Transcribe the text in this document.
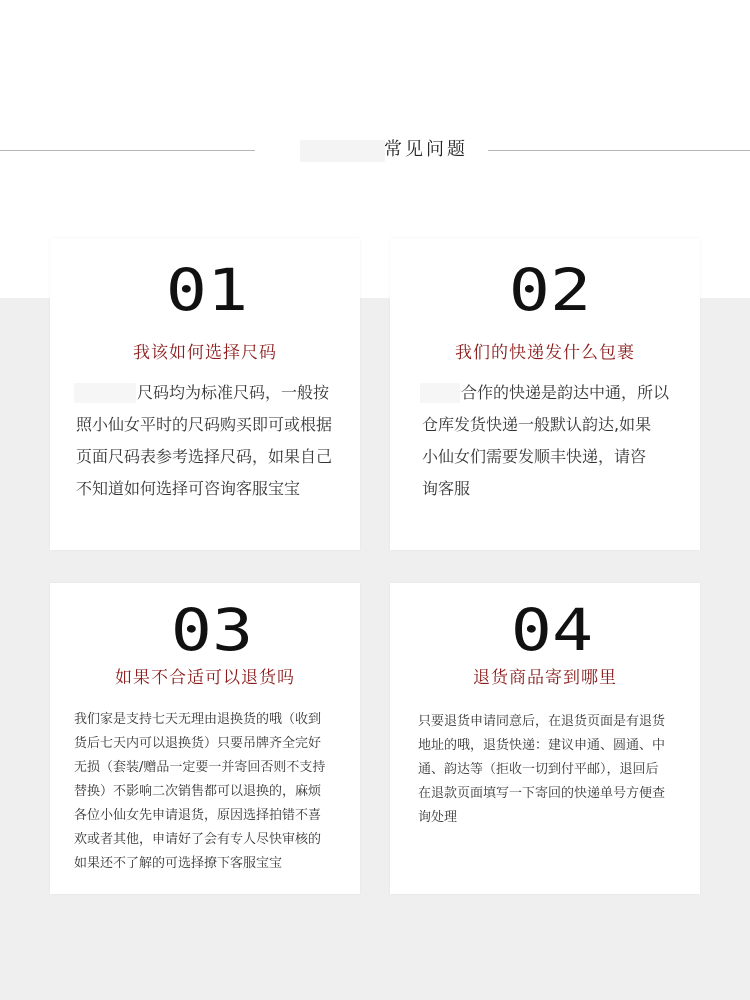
常见问题
01
我该如何选择尺码
尺码均为标准尺码，一般按
照小仙女平时的尺码购买即可或根据
页面尺码表参考选择尺码，如果自己
不知道如何选择可咨询客服宝宝
02
我们的快递发什么包裹
合作的快递是韵达中通，所以
仓库发货快递一般默认韵达,如果
小仙女们需要发顺丰快递，请咨
询客服
03
如果不合适可以退货吗
我们家是支持七天无理由退换货的哦（收到
货后七天内可以退换货）只要吊牌齐全完好
无损（套装/赠品一定要一并寄回否则不支持
替换）不影响二次销售都可以退换的，麻烦
各位小仙女先申请退货，原因选择拍错不喜
欢或者其他，申请好了会有专人尽快审核的
如果还不了解的可选择撩下客服宝宝
04
退货商品寄到哪里
只要退货申请同意后，在退货页面是有退货
地址的哦，退货快递：建议申通、圆通、中
通、韵达等（拒收一切到付平邮），退回后
在退款页面填写一下寄回的快递单号方便查
询处理
